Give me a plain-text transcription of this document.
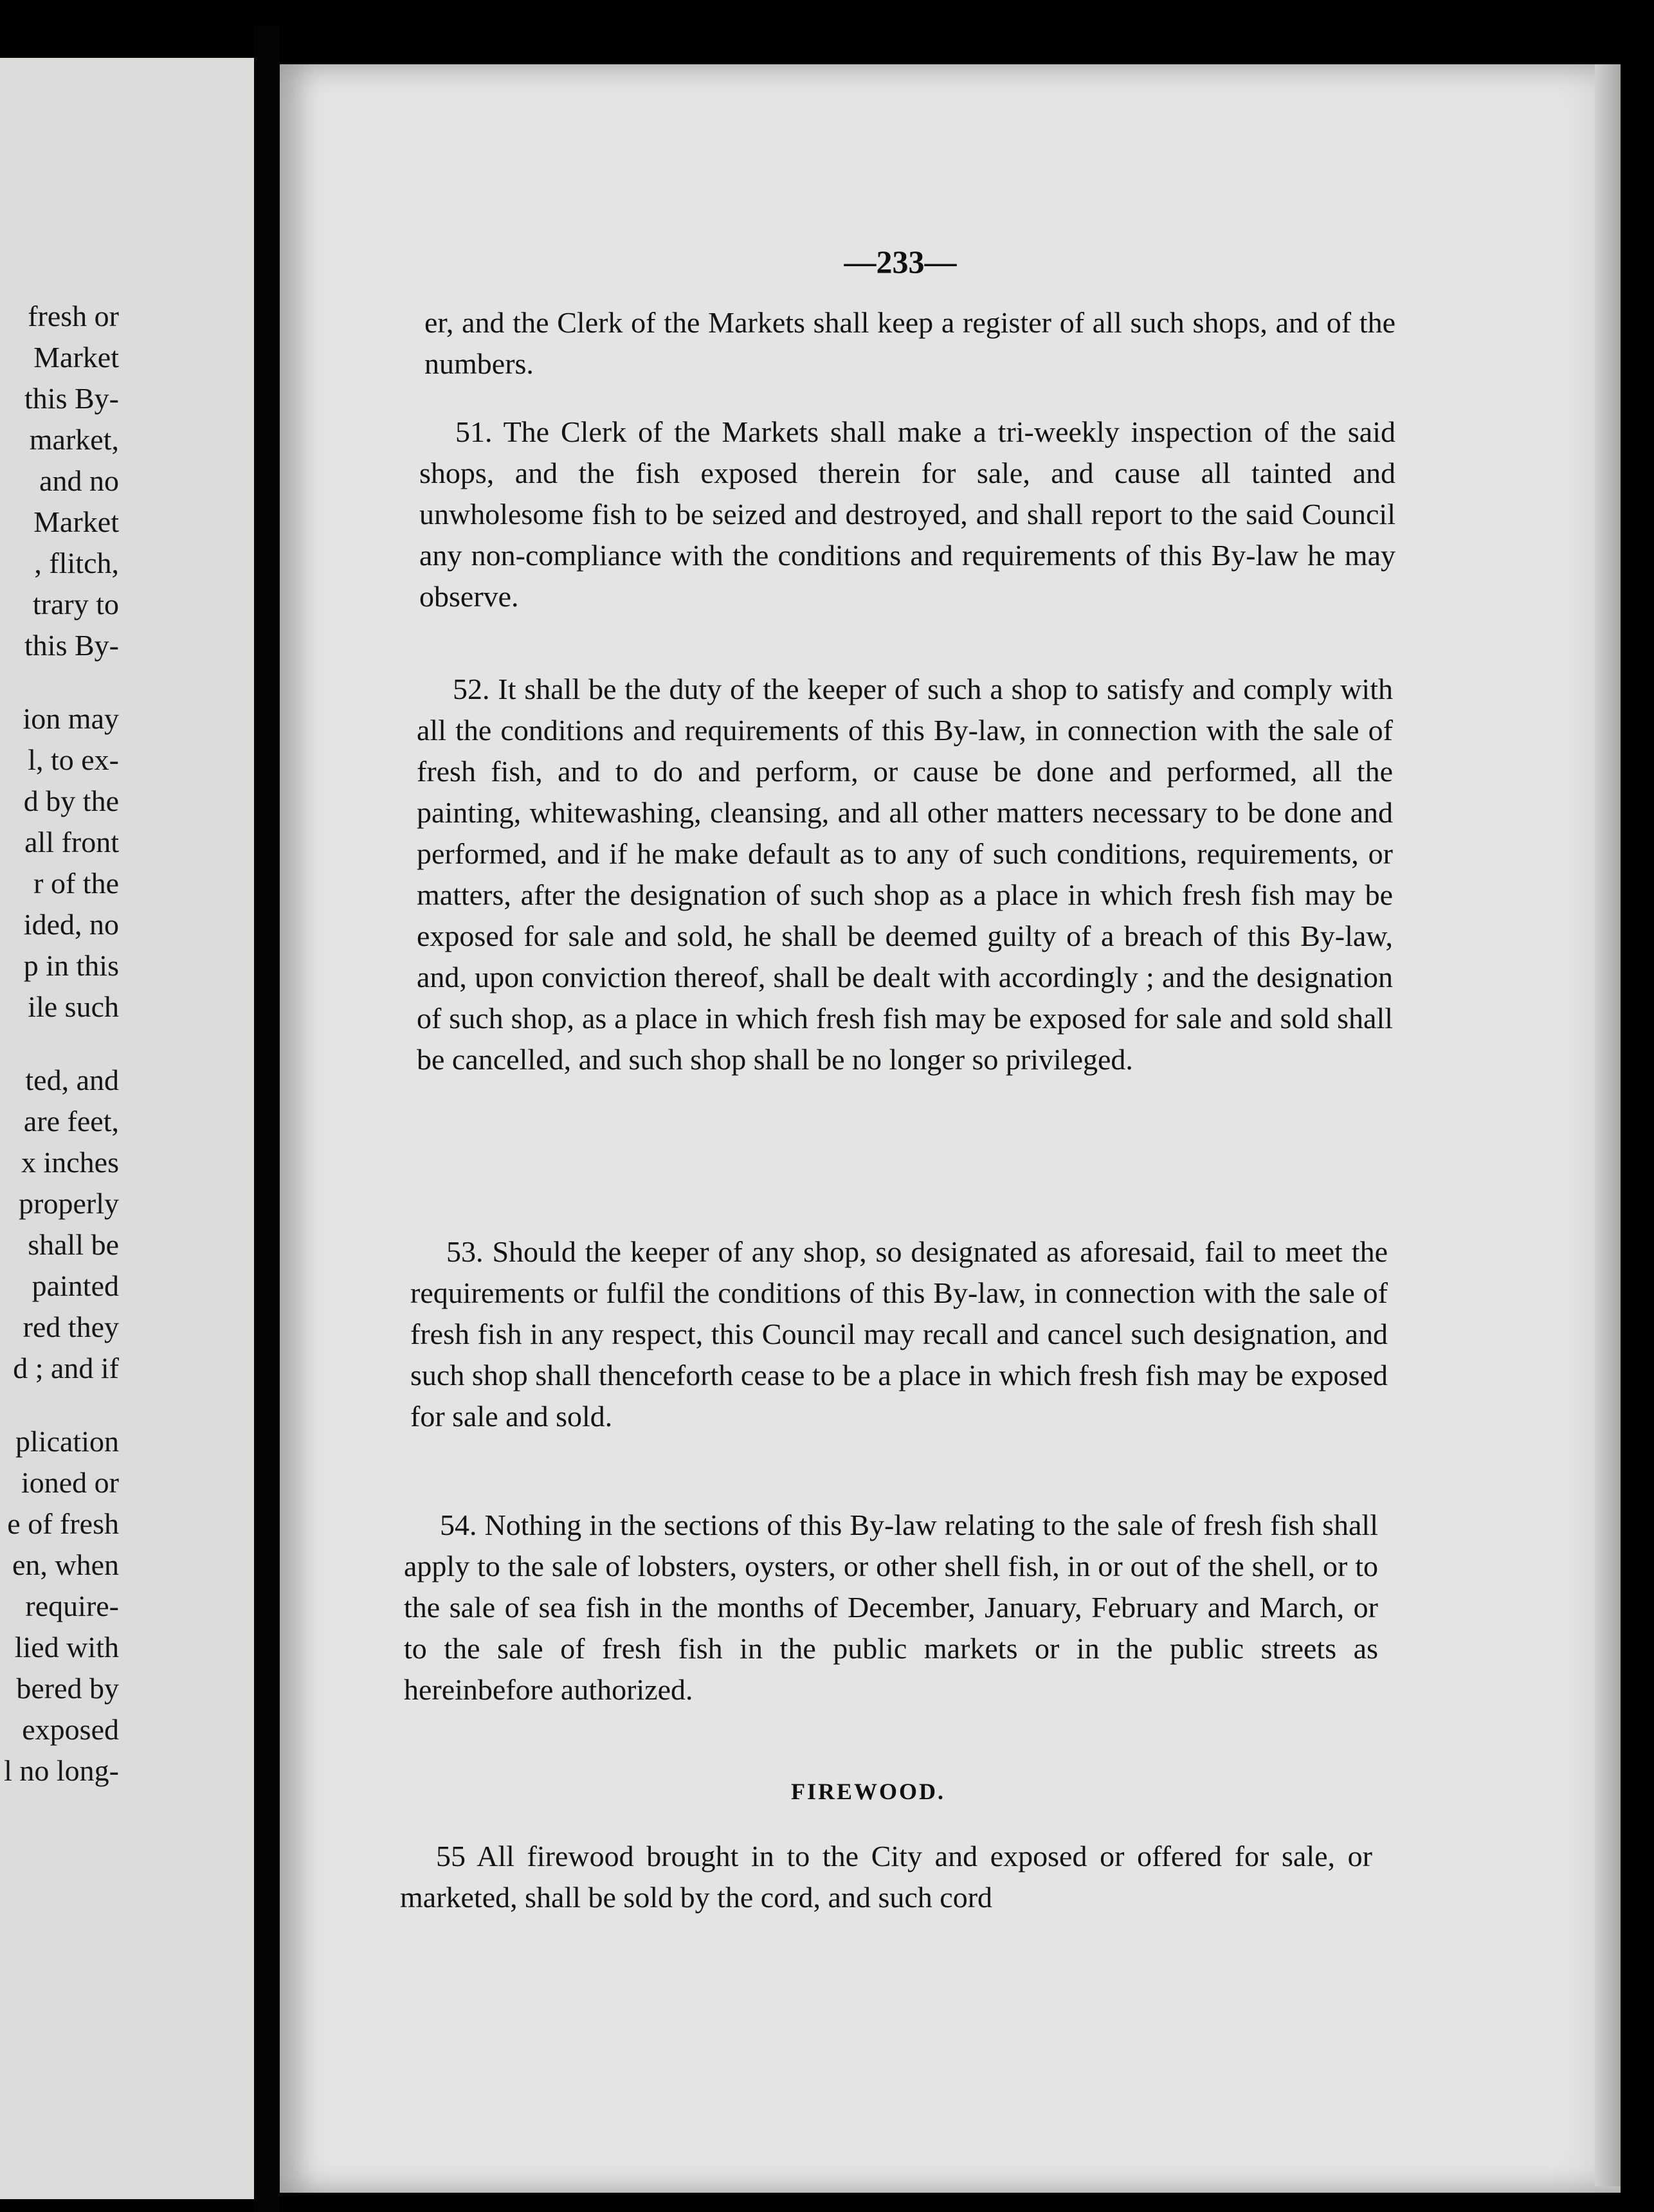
fresh or
Market
this By-
market,
and no
Market
, flitch,
trary to
this By-
ion may
l, to ex-
d by the
all front
r of the
ided, no
p in this
ile such
ted, and
are feet,
x inches
properly
shall be
painted
red they
d ; and if
plication
ioned or
e of fresh
en, when
require-
lied with
bered by
exposed
l no long-
—233—
er, and the Clerk of the Markets shall keep a register of all such shops, and of the numbers.
51. The Clerk of the Markets shall make a tri-weekly inspection of the said shops, and the fish exposed therein for sale, and cause all tainted and unwholesome fish to be seized and destroyed, and shall report to the said Council any non-compliance with the conditions and requirements of this By-law he may observe.
52. It shall be the duty of the keeper of such a shop to satisfy and comply with all the conditions and requirements of this By-law, in connection with the sale of fresh fish, and to do and perform, or cause be done and performed, all the painting, whitewashing, cleansing, and all other matters necessary to be done and performed, and if he make default as to any of such conditions, requirements, or matters, after the designation of such shop as a place in which fresh fish may be exposed for sale and sold, he shall be deemed guilty of a breach of this By-law, and, upon conviction thereof, shall be dealt with accordingly ; and the designation of such shop, as a place in which fresh fish may be exposed for sale and sold shall be cancelled, and such shop shall be no longer so privileged.
53. Should the keeper of any shop, so designated as aforesaid, fail to meet the requirements or fulfil the conditions of this By-law, in connection with the sale of fresh fish in any respect, this Council may recall and cancel such designation, and such shop shall thenceforth cease to be a place in which fresh fish may be exposed for sale and sold.
54. Nothing in the sections of this By-law relating to the sale of fresh fish shall apply to the sale of lobsters, oysters, or other shell fish, in or out of the shell, or to the sale of sea fish in the months of December, January, February and March, or to the sale of fresh fish in the public markets or in the public streets as hereinbefore authorized.
FIREWOOD.
55 All firewood brought in to the City and exposed or offered for sale, or marketed, shall be sold by the cord, and such cord
